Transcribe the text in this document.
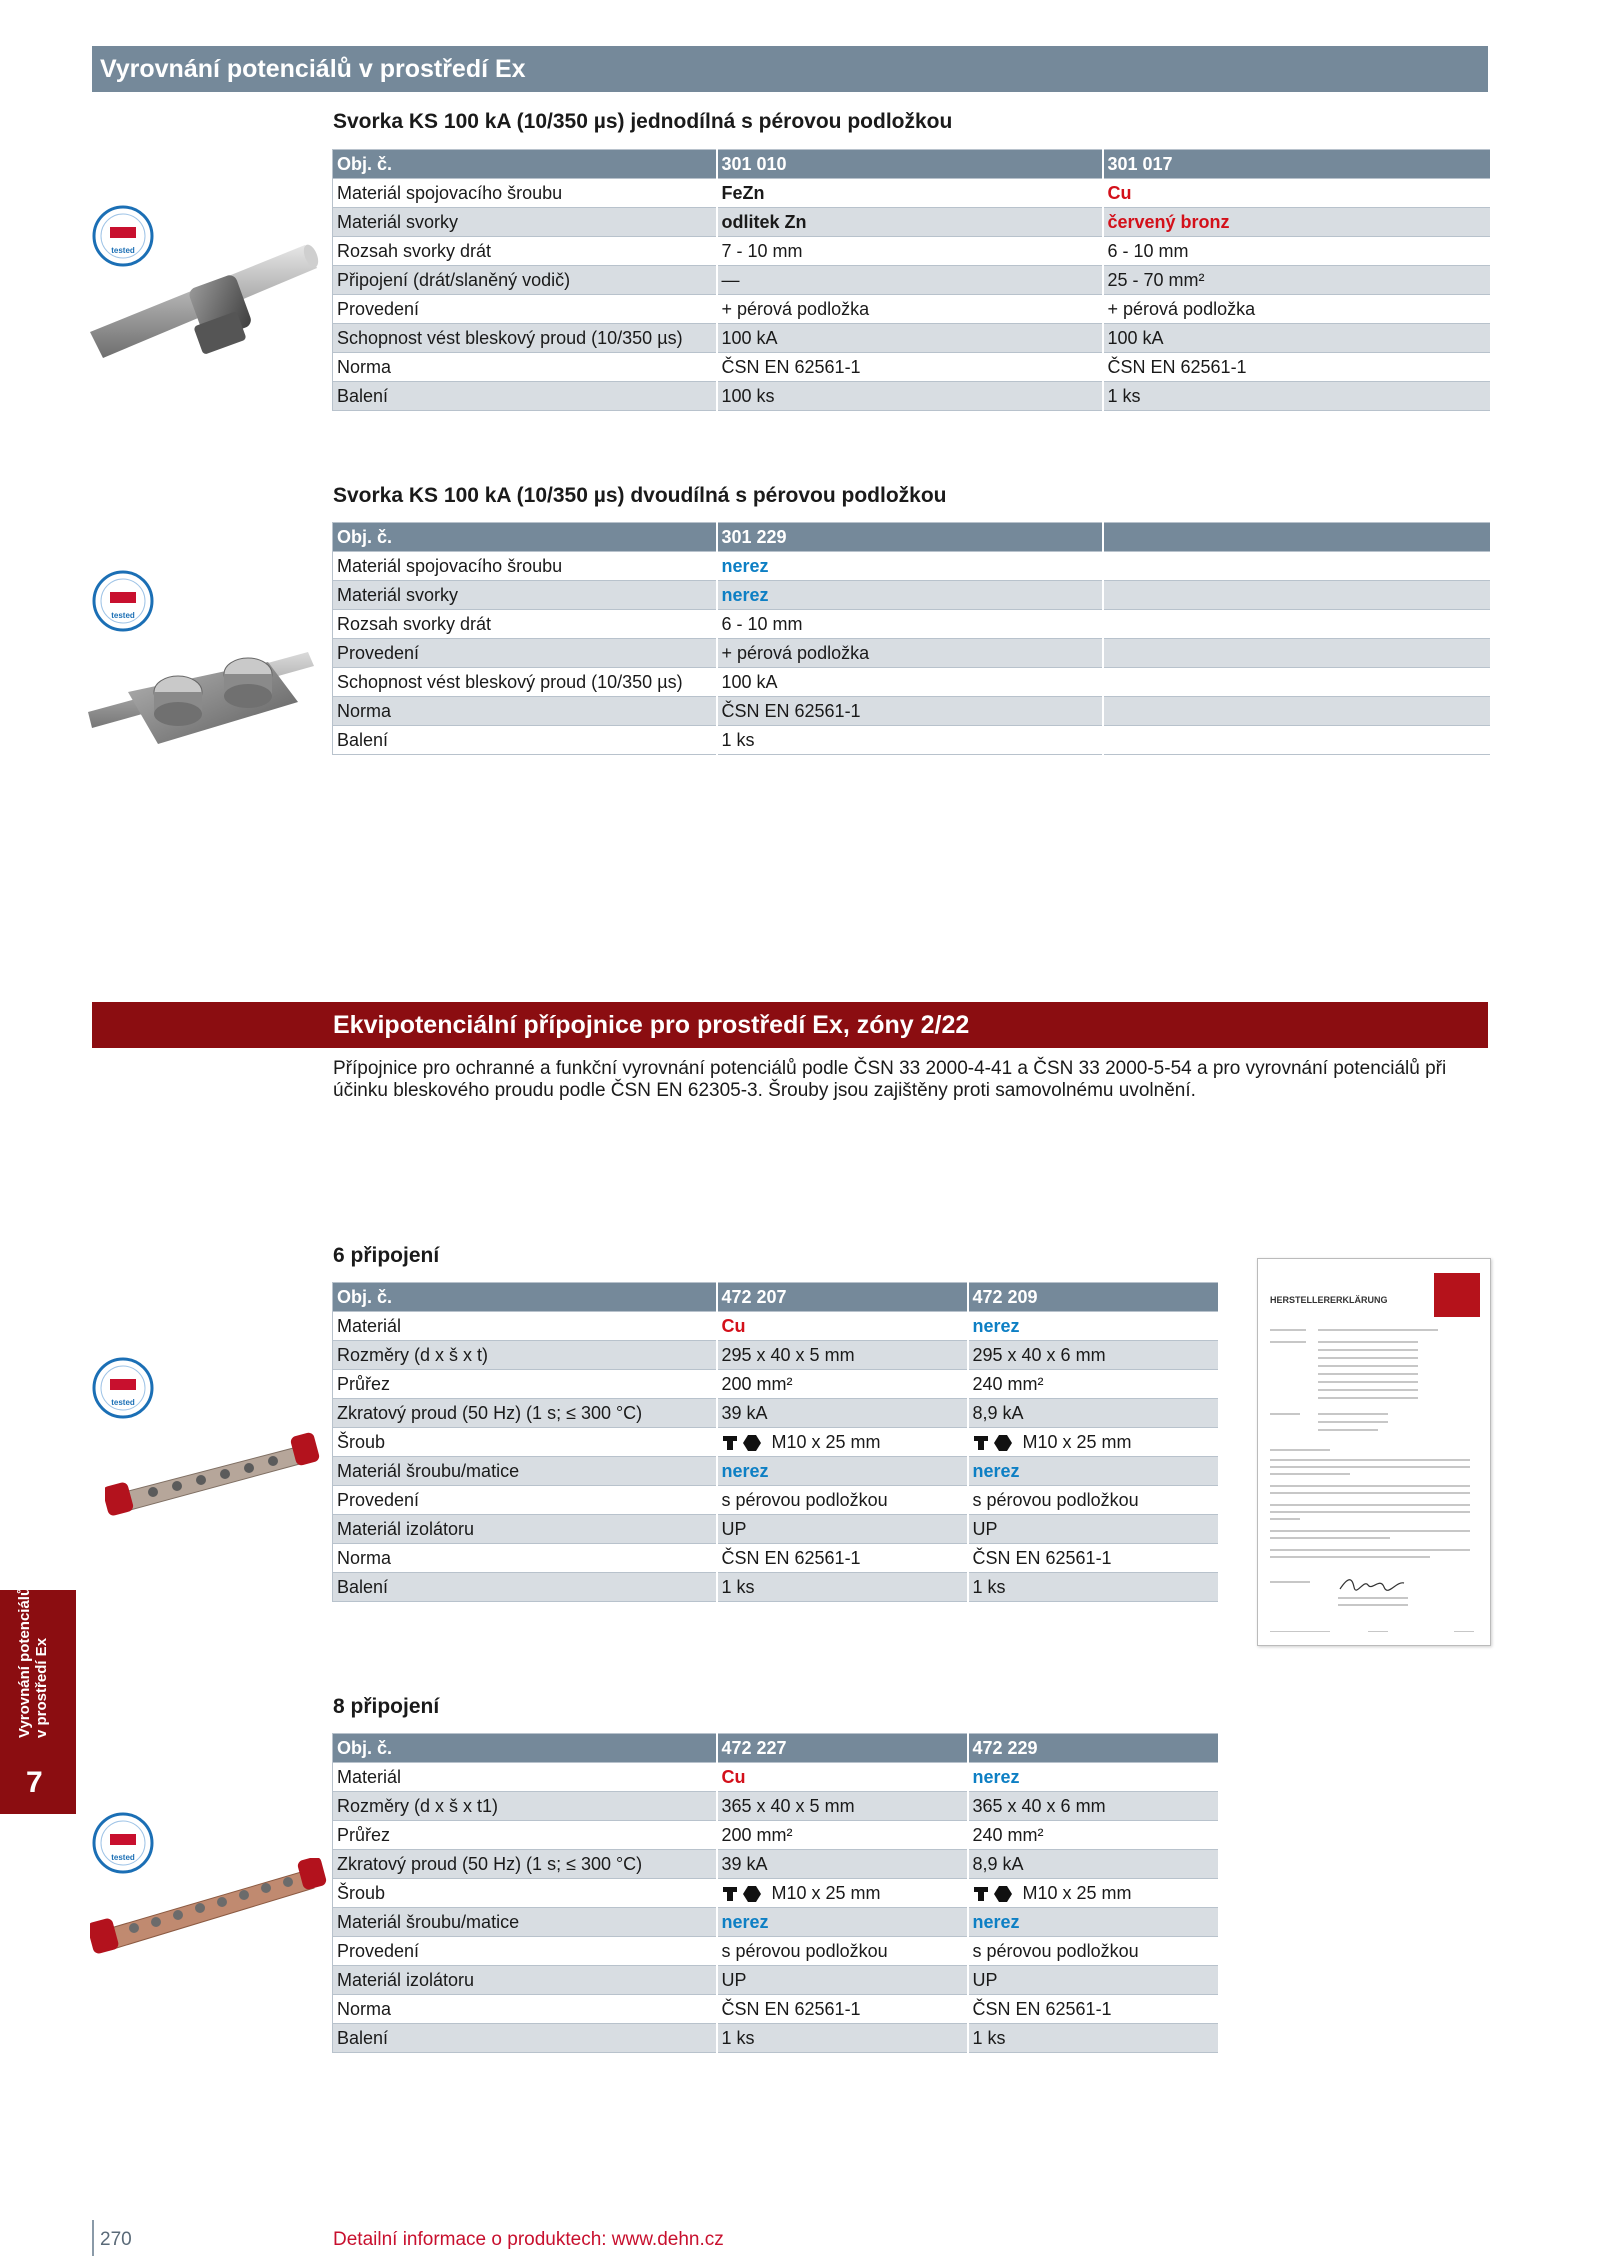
Vyrovnání potenciálů v prostředí Ex
Svorka KS 100 kA (10/350 µs) jednodílná s pérovou podložkou
Obj. č.	301 010	301 017
Materiál spojovacího šroubu	FeZn	Cu
Materiál svorky	odlitek Zn	červený bronz
Rozsah svorky drát	7 - 10 mm	6 - 10 mm
Připojení (drát/slaněný vodič)	—	25 - 70 mm²
Provedení	+ pérová podložka	+ pérová podložka
Schopnost vést bleskový proud (10/350 µs)	100 kA	100 kA
Norma	ČSN EN 62561-1	ČSN EN 62561-1
Balení	100 ks	1 ks
Svorka KS 100 kA (10/350 µs) dvoudílná s pérovou podložkou
Obj. č.	301 229	
Materiál spojovacího šroubu	nerez	
Materiál svorky	nerez	
Rozsah svorky drát	6 - 10 mm	
Provedení	+ pérová podložka	
Schopnost vést bleskový proud (10/350 µs)	100 kA	
Norma	ČSN EN 62561-1	
Balení	1 ks	
Ekvipotenciální přípojnice pro prostředí Ex, zóny 2/22
Přípojnice pro ochranné a funkční vyrovnání potenciálů podle ČSN 33 2000-4-41 a ČSN 33 2000-5-54 a pro vyrovnání potenciálů při účinku bleskového proudu podle ČSN EN 62305-3. Šrouby jsou zajištěny proti samovolnému uvolnění.
6 připojení
Obj. č.	472 207	472 209
Materiál	Cu	nerez
Rozměry (d x š x t)	295 x 40 x 5 mm	295 x 40 x 6 mm
Průřez	200 mm²	240 mm²
Zkratový proud (50 Hz) (1 s; ≤ 300 °C)	39 kA	8,9 kA
Šroub	M10 x 25 mm	M10 x 25 mm
Materiál šroubu/matice	nerez	nerez
Provedení	s pérovou podložkou	s pérovou podložkou
Materiál izolátoru	UP	UP
Norma	ČSN EN 62561-1	ČSN EN 62561-1
Balení	1 ks	1 ks
8 připojení
Obj. č.	472 227	472 229
Materiál	Cu	nerez
Rozměry (d x š x t1)	365 x 40 x 5 mm	365 x 40 x 6 mm
Průřez	200 mm²	240 mm²
Zkratový proud (50 Hz) (1 s; ≤ 300 °C)	39 kA	8,9 kA
Šroub	M10 x 25 mm	M10 x 25 mm
Materiál šroubu/matice	nerez	nerez
Provedení	s pérovou podložkou	s pérovou podložkou
Materiál izolátoru	UP	UP
Norma	ČSN EN 62561-1	ČSN EN 62561-1
Balení	1 ks	1 ks
tested
tested
tested
tested
HERSTELLERERKLÄRUNG
Vyrovnání potenciálů v prostředí Ex
7
270	Detailní informace o produktech: www.dehn.cz
